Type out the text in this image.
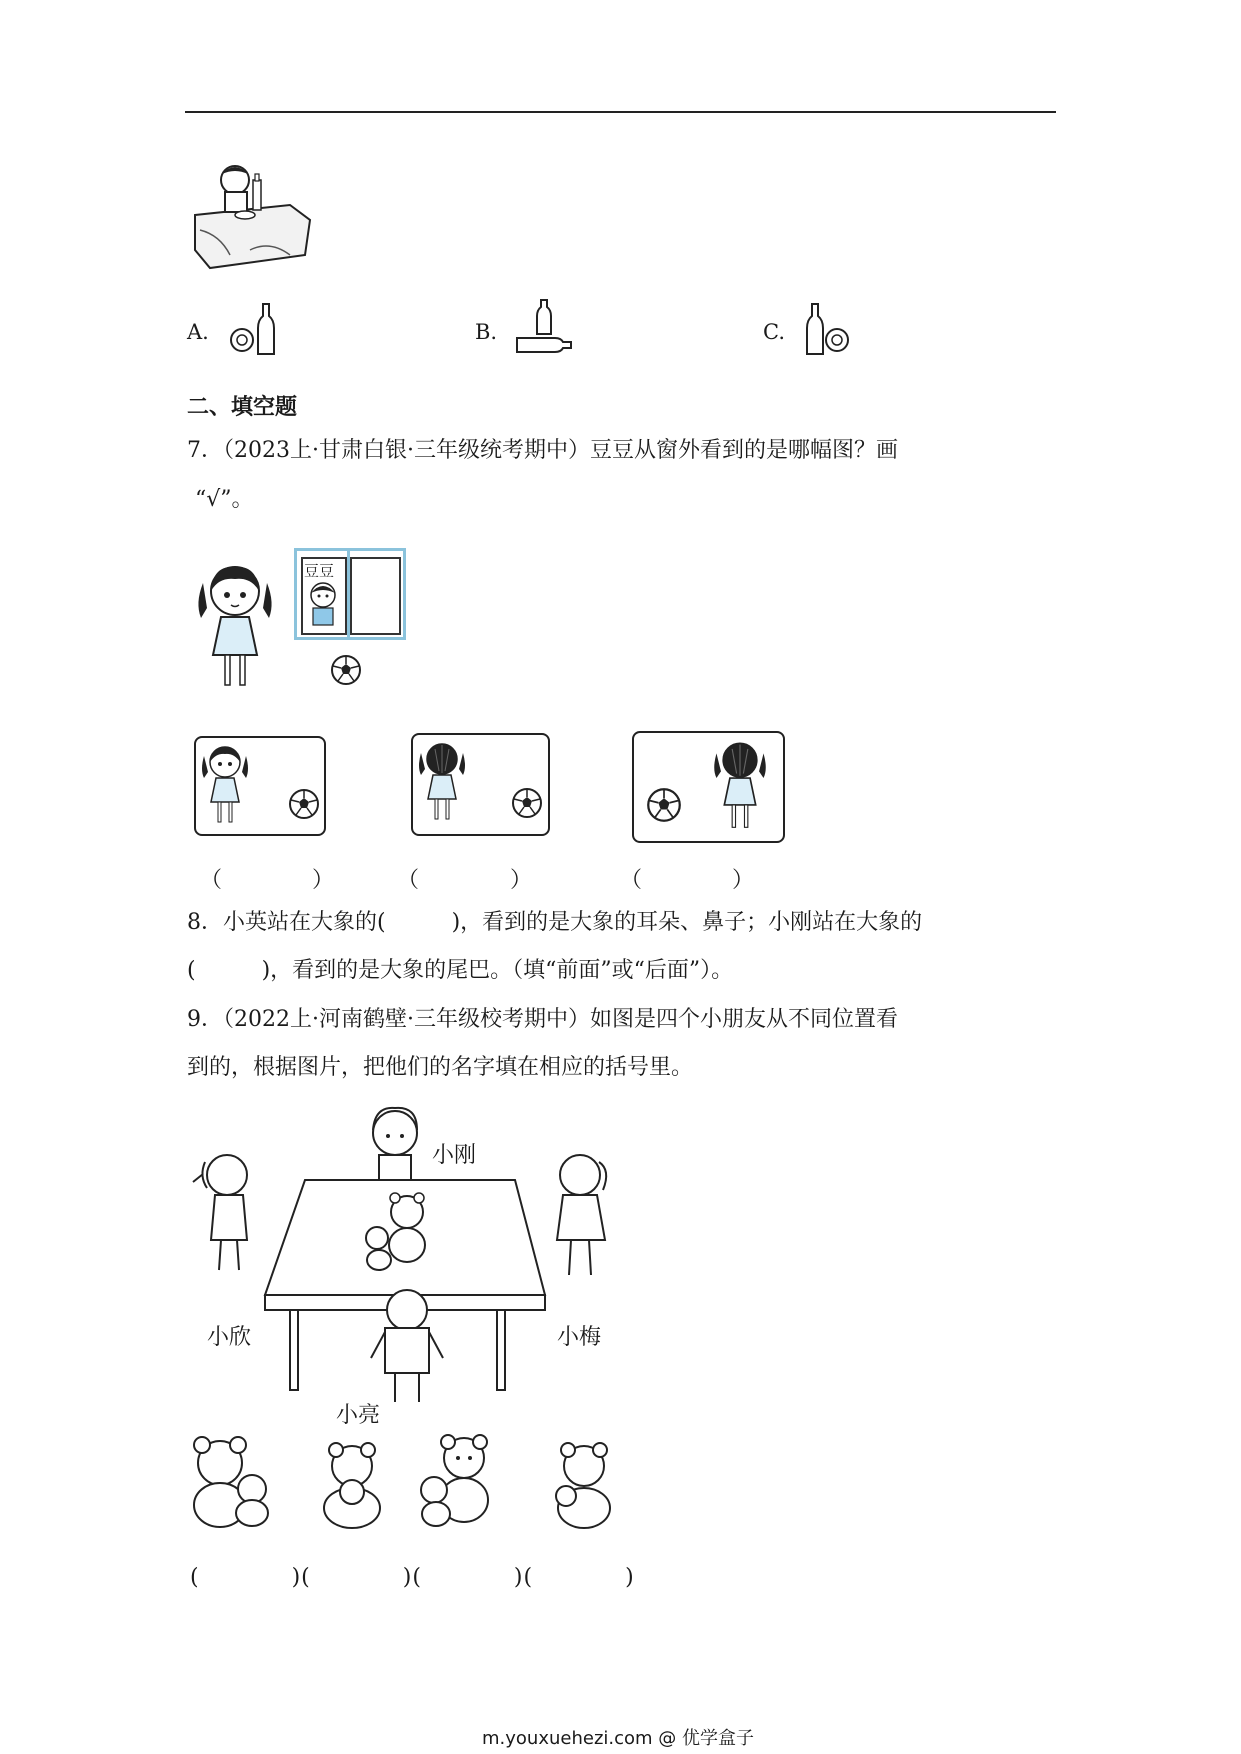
A.	B.	C.
二、填空题
7．（2023上·甘肃白银·三年级统考期中）豆豆从窗外看到的是哪幅图？画
“√”。
豆豆
（	）	（	）	（	）
8．小英站在大象的(　　　)，看到的是大象的耳朵、鼻子；小刚站在大象的
(　　　)，看到的是大象的尾巴。（填“前面”或“后面”）。
9．（2022上·河南鹤壁·三年级校考期中）如图是四个小朋友从不同位置看
到的，根据图片，把他们的名字填在相应的括号里。
小刚
小欣	小梅
小亮
(　　　　)(　　　　)(　　　　)(　　　　)
m.youxuehezi.com @ 优学盒子
